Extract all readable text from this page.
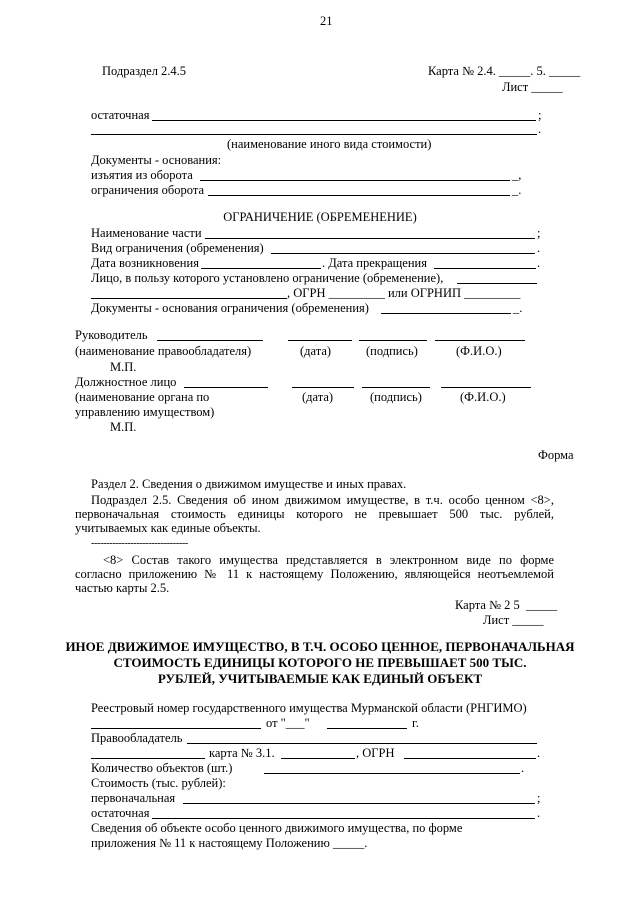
21
Подраздел 2.4.5	Карта № 2.4. _____. 5. _____
Лист _____
остаточная	;
.
(наименование иного вида стоимости)
Документы - основания:
изъятия из оборота	_,
ограничения оборота	_.
ОГРАНИЧЕНИЕ (ОБРЕМЕНЕНИЕ)
Наименование части	;
Вид ограничения (обременения)	.
Дата возникновения	. Дата прекращения	.
Лицо, в пользу которого установлено ограничение (обременение),
, ОГРН _________ или ОГРНИП _________
Документы - основания ограничения (обременения)	_.
Руководитель
(наименование правообладателя)	(дата)	(подпись)	(Ф.И.О.)
М.П.
Должностное лицо
(наименование органа по	(дата)	(подпись)	(Ф.И.О.)
управлению имуществом)
М.П.
Форма
Раздел 2. Сведения о движимом имуществе и иных правах.
Подраздел 2.5. Сведения об ином движимом имуществе, в т.ч. особо ценном <8>, первоначальная стоимость единицы которого не превышает 500 тыс. рублей, учитываемых как единые объекты.
--------------------------------
<8> Состав такого имущества представляется в электронном виде по форме согласно приложению № 11 к настоящему Положению, являющейся неотъемлемой частью карты 2.5.
Карта № 2 5  _____
Лист _____
ИНОЕ ДВИЖИМОЕ ИМУЩЕСТВО, В Т.Ч. ОСОБО ЦЕННОЕ, ПЕРВОНАЧАЛЬНАЯ
СТОИМОСТЬ ЕДИНИЦЫ КОТОРОГО НЕ ПРЕВЫШАЕТ 500 ТЫС.
РУБЛЕЙ, УЧИТЫВАЕМЫЕ КАК ЕДИНЫЙ ОБЪЕКТ
Реестровый номер государственного имущества Мурманской области (РНГИМО)
от "___"	г.
Правообладатель
карта № 3.1.	, ОГРН	.
Количество объектов (шт.)	.
Стоимость (тыс. рублей):
первоначальная	;
остаточная	.
Сведения об объекте особо ценного движимого имущества, по форме
приложения № 11 к настоящему Положению _____.
